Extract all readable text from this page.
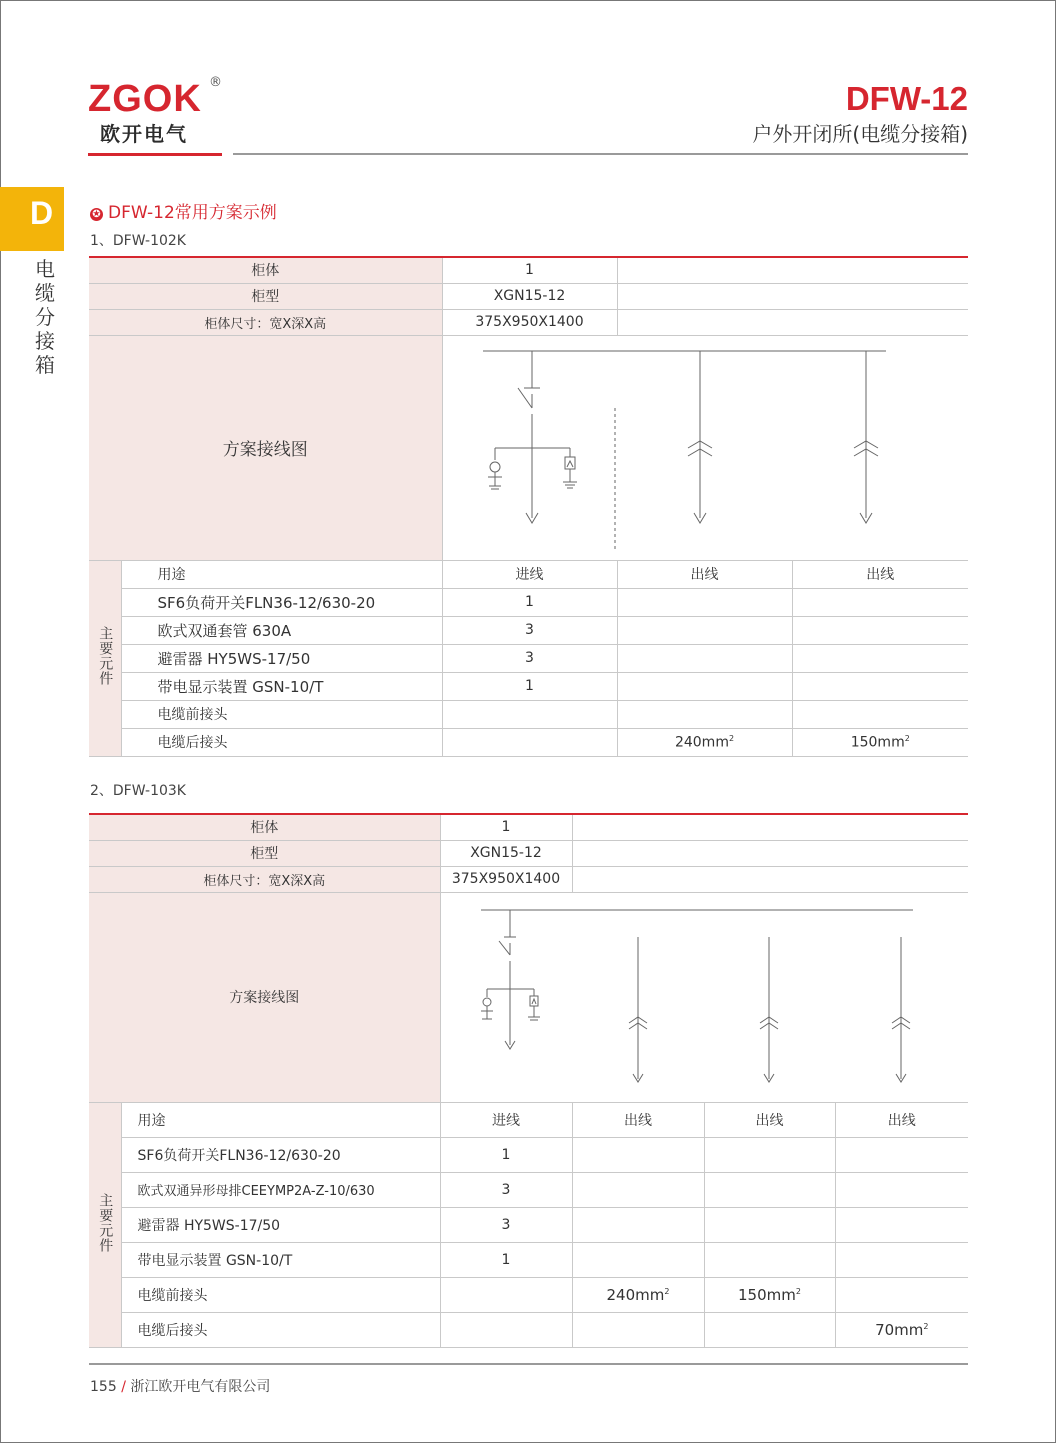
ZGOK ®
欧开电气
DFW-12
户外开闭所(电缆分接箱)
D
电缆分接箱
✪ DFW-12常用方案示例
1、DFW-102K
柜体		1		
柜型		XGN15-12		
柜体尺寸：宽X深X高		375X950X1400		
方案接线图	

主要元件	用途	进线	出线	出线
	SF6负荷开关FLN36-12/630-20	1		
	欧式双通套管 630A	3		
	避雷器 HY5WS-17/50	3		
	带电显示装置 GSN-10/T	1		
	电缆前接头			
	电缆后接头		$240mm^2$	$150mm^2$
2、DFW-103K
柜体		1			
柜型		XGN15-12			
柜体尺寸：宽X深X高		375X950X1400			
方案接线图	

主要元件	用途	进线	出线	出线	出线
	SF6负荷开关FLN36-12/630-20	1			
	欧式双通异形母排CEEYMP2A-Z-10/630	3			
	避雷器 HY5WS-17/50	3			
	带电显示装置 GSN-10/T	1			
	电缆前接头		$240mm^2$	$150mm^2$	
	电缆后接头				$70mm^2$
155 / 浙江欧开电气有限公司
